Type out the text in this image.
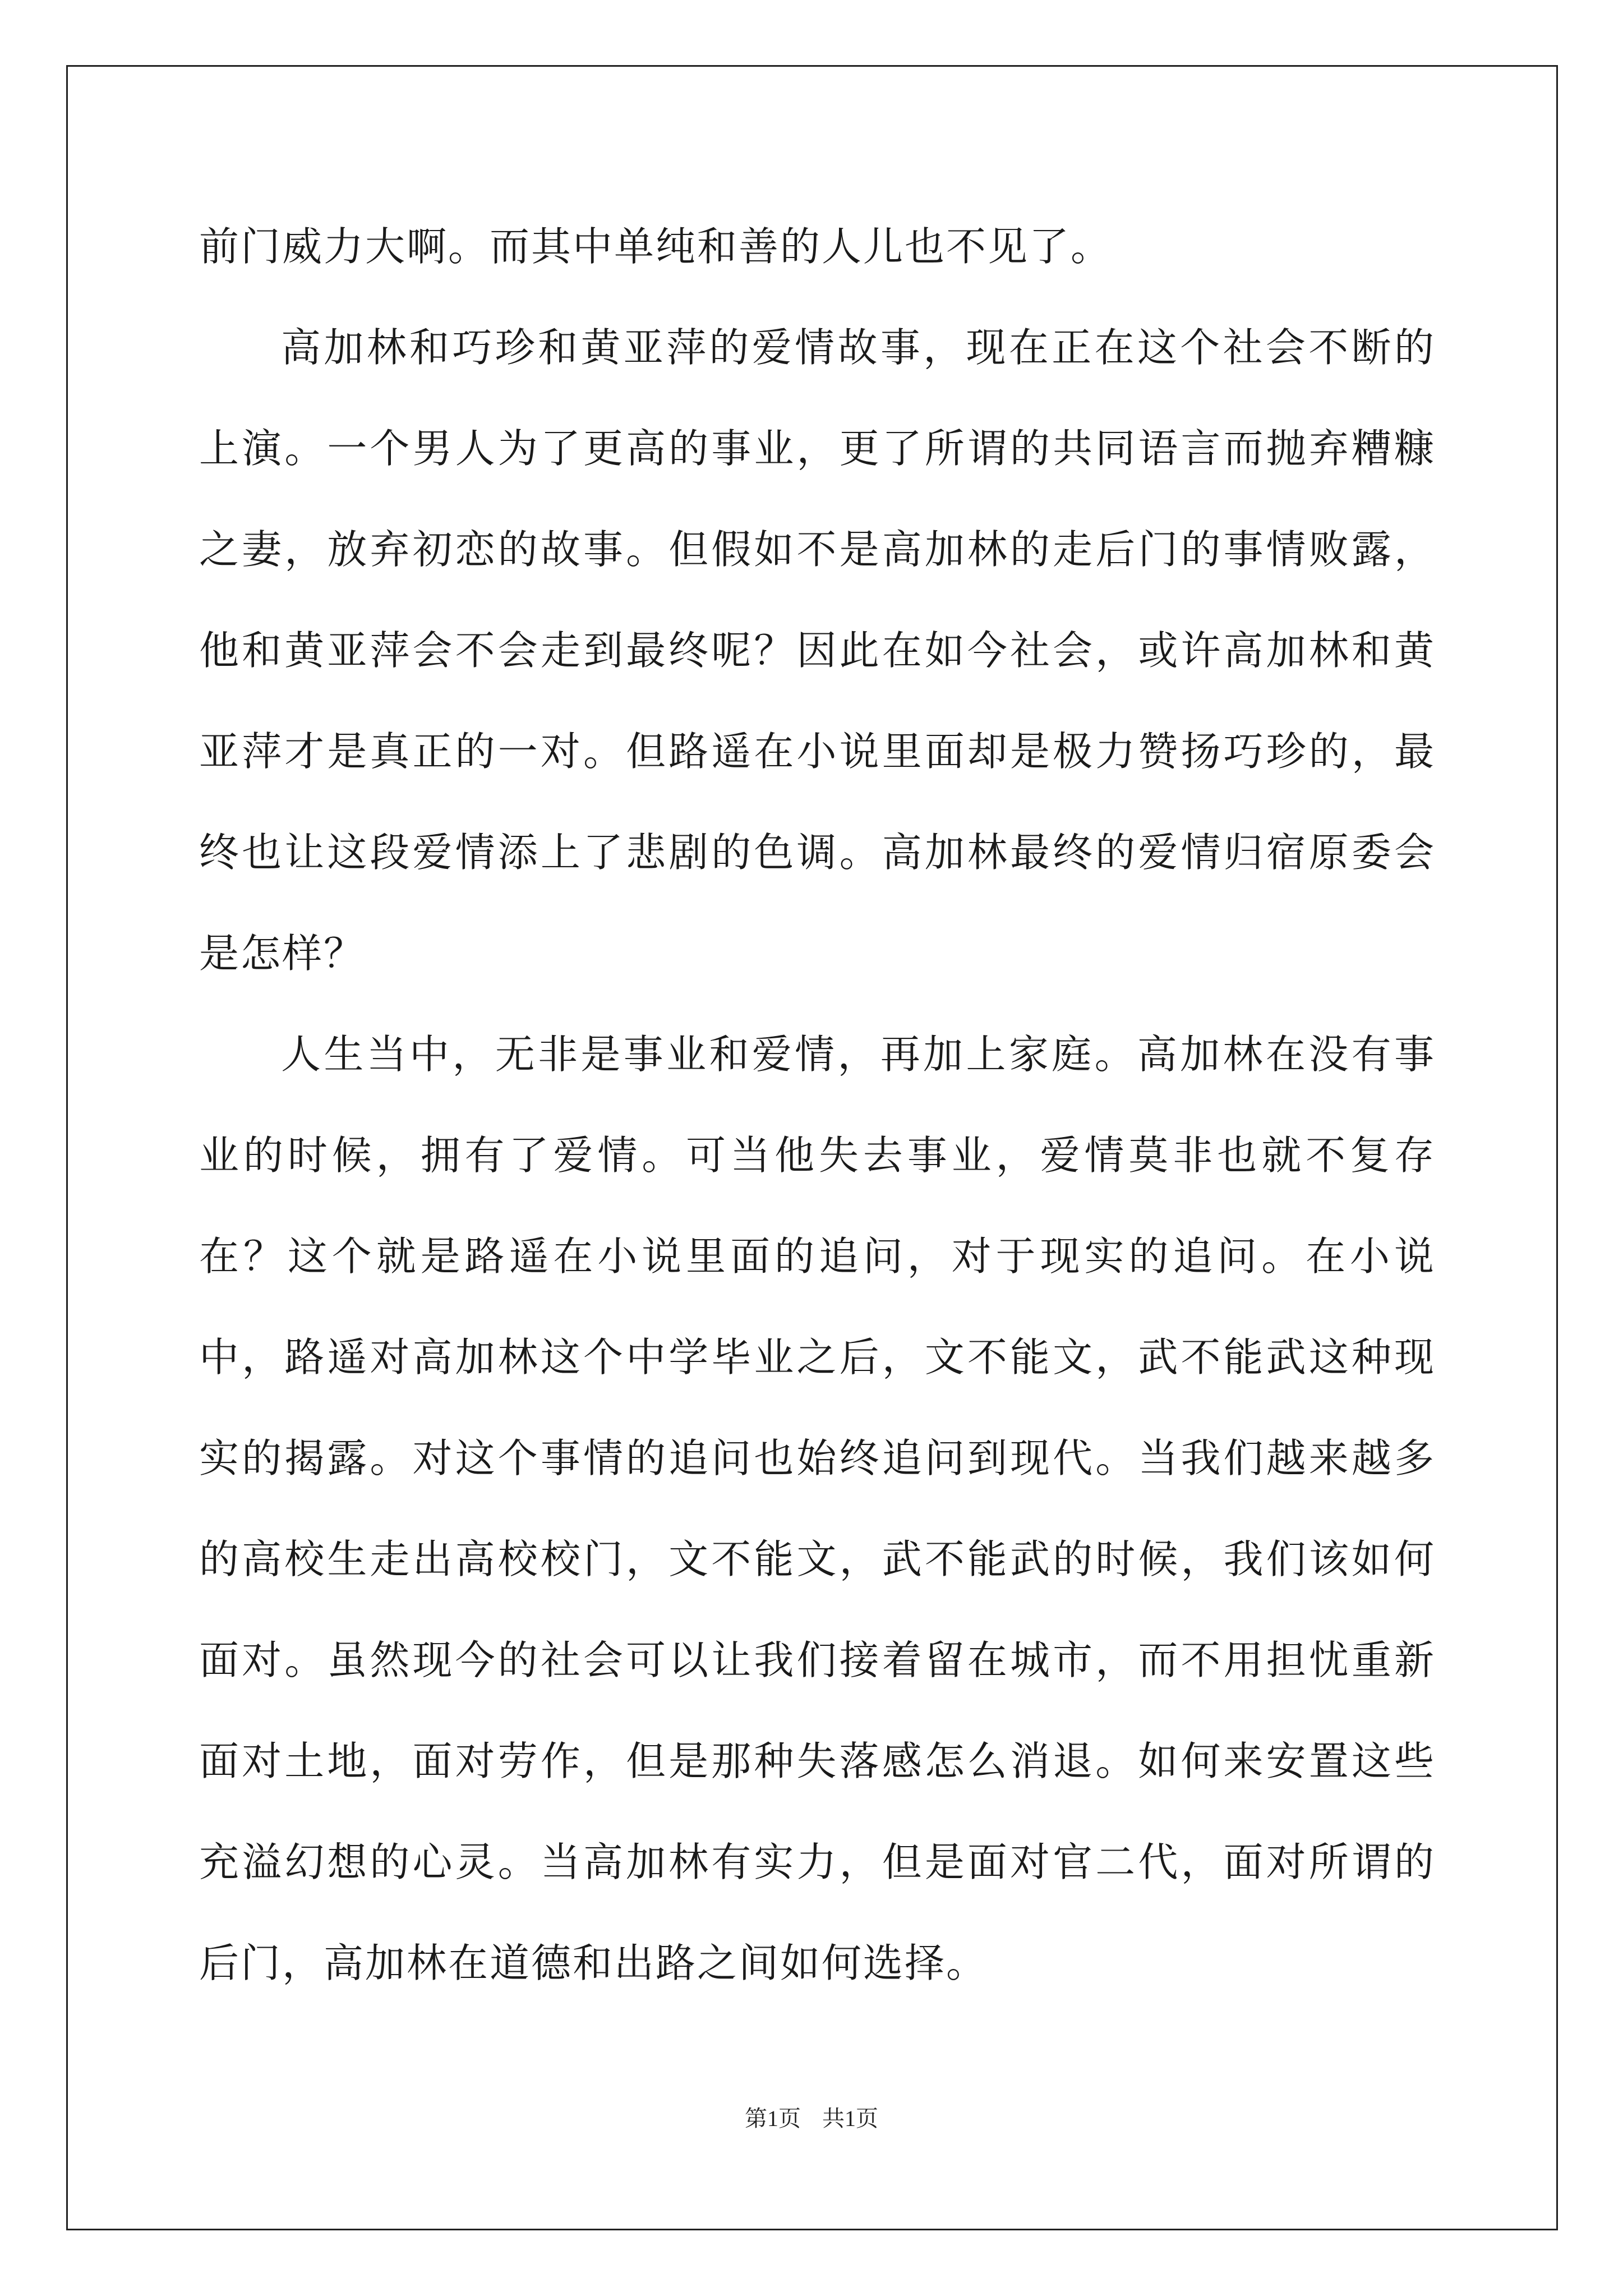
前门威力大啊。而其中单纯和善的人儿也不见了。

高加林和巧珍和黄亚萍的爱情故事，现在正在这个社会不断的上演。一个男人为了更高的事业，更了所谓的共同语言而抛弃糟糠之妻，放弃初恋的故事。但假如不是高加林的走后门的事情败露，他和黄亚萍会不会走到最终呢？因此在如今社会，或许高加林和黄亚萍才是真正的一对。但路遥在小说里面却是极力赞扬巧珍的，最终也让这段爱情添上了悲剧的色调。高加林最终的爱情归宿原委会是怎样？

人生当中，无非是事业和爱情，再加上家庭。高加林在没有事业的时候，拥有了爱情。可当他失去事业，爱情莫非也就不复存在？这个就是路遥在小说里面的追问，对于现实的追问。在小说中，路遥对高加林这个中学毕业之后，文不能文，武不能武这种现实的揭露。对这个事情的追问也始终追问到现代。当我们越来越多的高校生走出高校校门，文不能文，武不能武的时候，我们该如何面对。虽然现今的社会可以让我们接着留在城市，而不用担忧重新面对土地，面对劳作，但是那种失落感怎么消退。如何来安置这些充溢幻想的心灵。当高加林有实力，但是面对官二代，面对所谓的后门，高加林在道德和出路之间如何选择。

第1页 共1页
